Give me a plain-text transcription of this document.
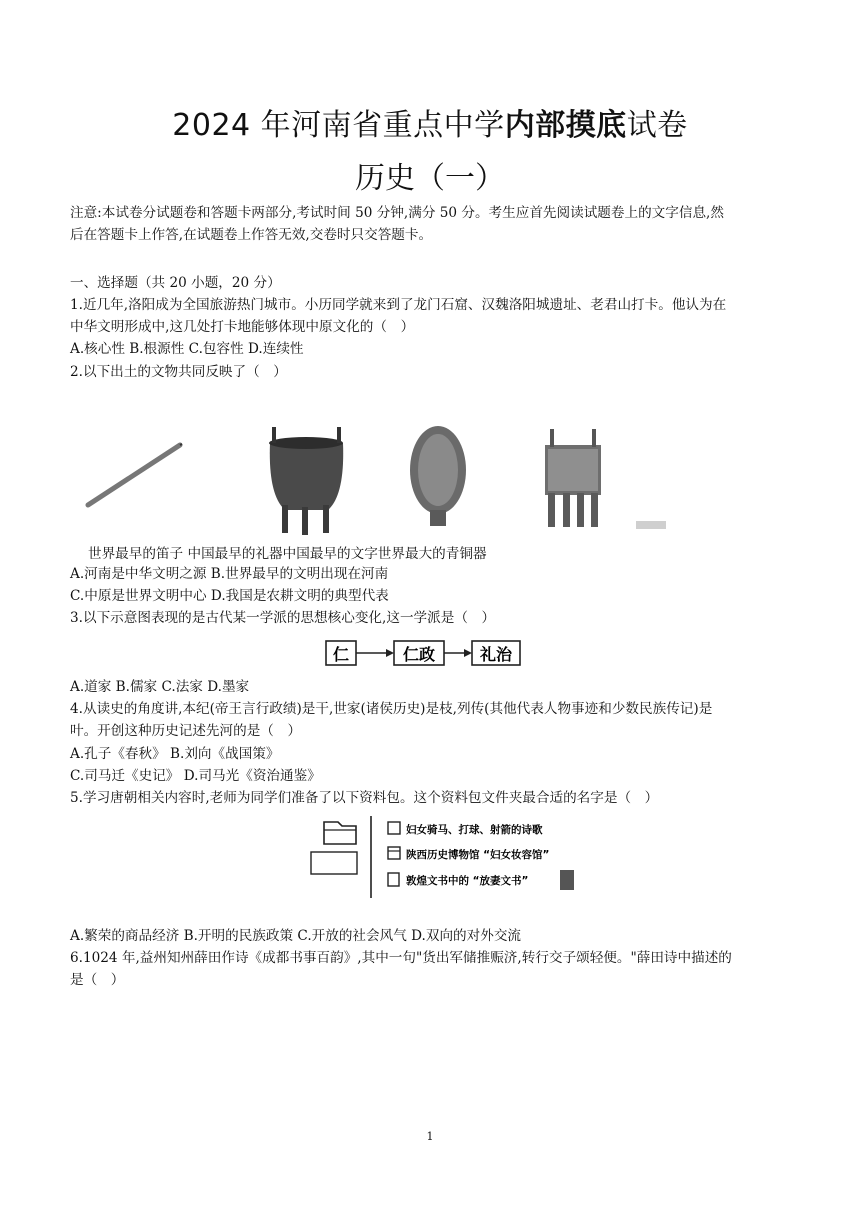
2024 年河南省重点中学内部摸底试卷
历史（一）
注意:本试卷分试题卷和答题卡两部分,考试时间 50 分钟,满分 50 分。考生应首先阅读试题卷上的文字信息,然
后在答题卡上作答,在试题卷上作答无效,交卷时只交答题卡。
一、选择题（共 20 小题，20 分）
1.近几年,洛阳成为全国旅游热门城市。小历同学就来到了龙门石窟、汉魏洛阳城遗址、老君山打卡。他认为在
中华文明形成中,这几处打卡地能够体现中原文化的（　）
A.核心性 B.根源性 C.包容性 D.连续性
2.以下出土的文物共同反映了（　）
世界最早的笛子 中国最早的礼器中国最早的文字世界最大的青铜器
A.河南是中华文明之源 B.世界最早的文明出现在河南
C.中原是世界文明中心 D.我国是农耕文明的典型代表
3.以下示意图表现的是古代某一学派的思想核心变化,这一学派是（　）
仁	仁政	礼治
A.道家 B.儒家 C.法家 D.墨家
4.从读史的角度讲,本纪(帝王言行政绩)是干,世家(诸侯历史)是枝,列传(其他代表人物事迹和少数民族传记)是
叶。开创这种历史记述先河的是（　）
A.孔子《春秋》 B.刘向《战国策》
C.司马迁《史记》 D.司马光《资治通鉴》
5.学习唐朝相关内容时,老师为同学们准备了以下资料包。这个资料包文件夹最合适的名字是（　）
妇女骑马、打球、射箭的诗歌
陕西历史博物馆 “妇女妆容馆”
敦煌文书中的 “放妻文书”
A.繁荣的商品经济 B.开明的民族政策 C.开放的社会风气 D.双向的对外交流
6.1024 年,益州知州薛田作诗《成都书事百韵》,其中一句"货出军储推赈济,转行交子颂轻便。"薛田诗中描述的
是（　）
1
